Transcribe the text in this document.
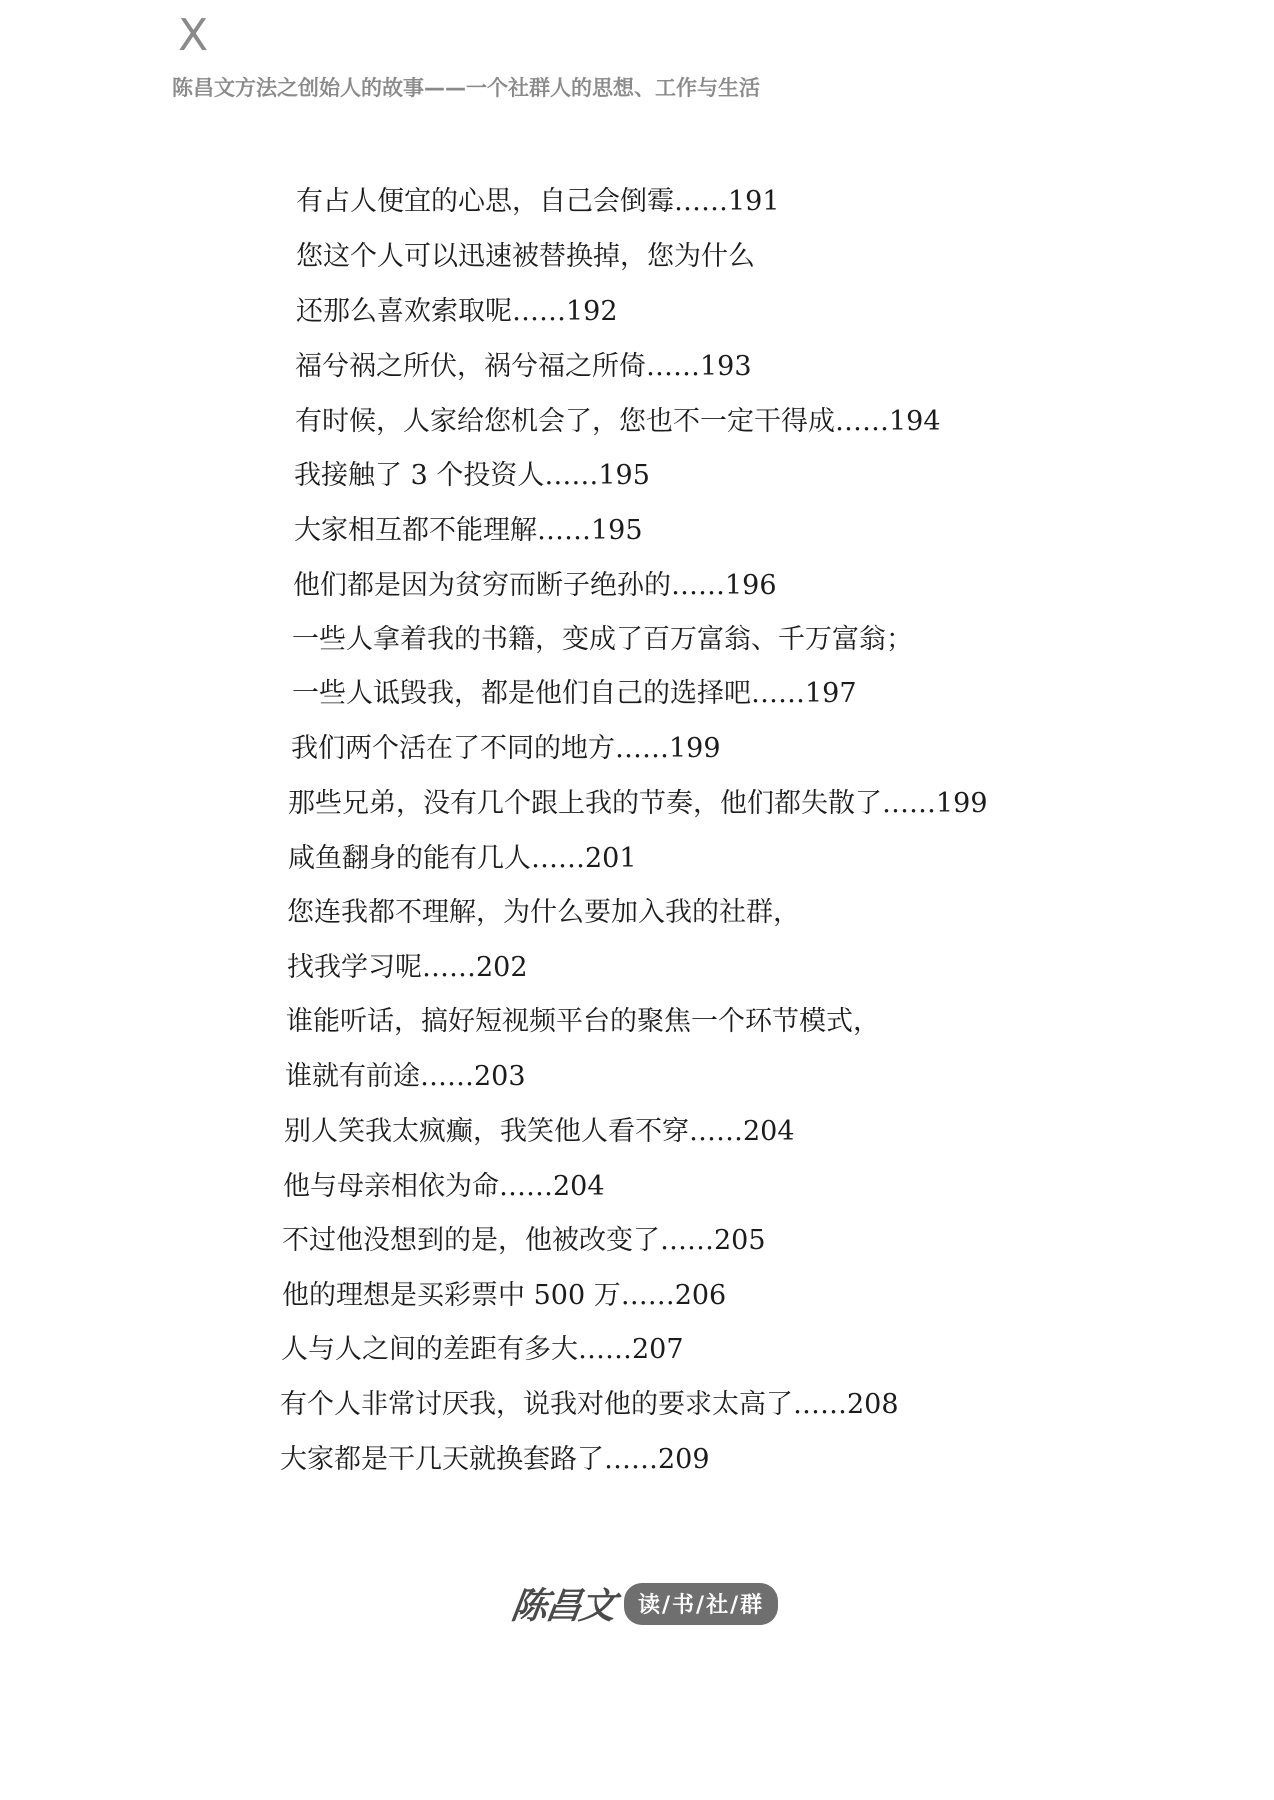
X
陈昌文方法之创始人的故事——一个社群人的思想、工作与生活
有占人便宜的心思，自己会倒霉……191
您这个人可以迅速被替换掉，您为什么
还那么喜欢索取呢……192
福兮祸之所伏，祸兮福之所倚……193
有时候，人家给您机会了，您也不一定干得成……194
我接触了 3 个投资人……195
大家相互都不能理解……195
他们都是因为贫穷而断子绝孙的……196
一些人拿着我的书籍，变成了百万富翁、千万富翁；
一些人诋毁我，都是他们自己的选择吧……197
我们两个活在了不同的地方……199
那些兄弟，没有几个跟上我的节奏，他们都失散了……199
咸鱼翻身的能有几人……201
您连我都不理解，为什么要加入我的社群，
找我学习呢……202
谁能听话，搞好短视频平台的聚焦一个环节模式，
谁就有前途……203
别人笑我太疯癫，我笑他人看不穿……204
他与母亲相依为命……204
不过他没想到的是，他被改变了……205
他的理想是买彩票中 500 万……206
人与人之间的差距有多大……207
有个人非常讨厌我，说我对他的要求太高了……208
大家都是干几天就换套路了……209
陈昌文 读/书/社/群
